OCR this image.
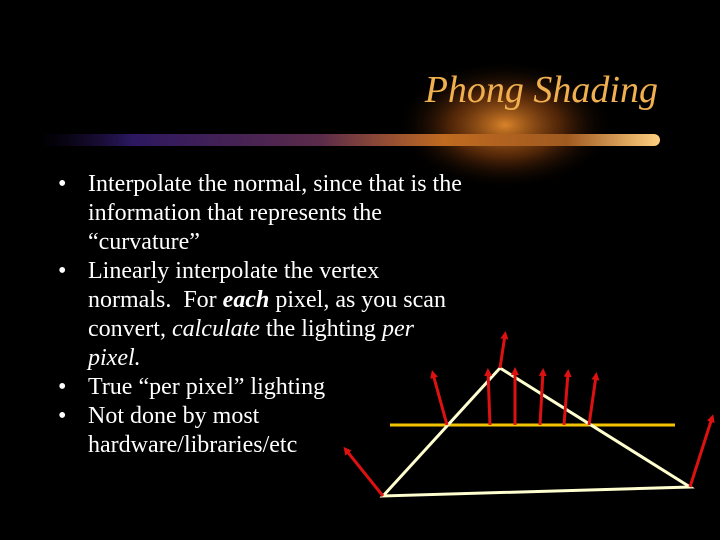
Phong Shading
• Interpolate the normal, since that is the
information that represents the
“curvature”
• Linearly interpolate the vertex
normals.  For each pixel, as you scan
convert, calculate the lighting per
pixel.
• True “per pixel” lighting
• Not done by most
hardware/libraries/etc
